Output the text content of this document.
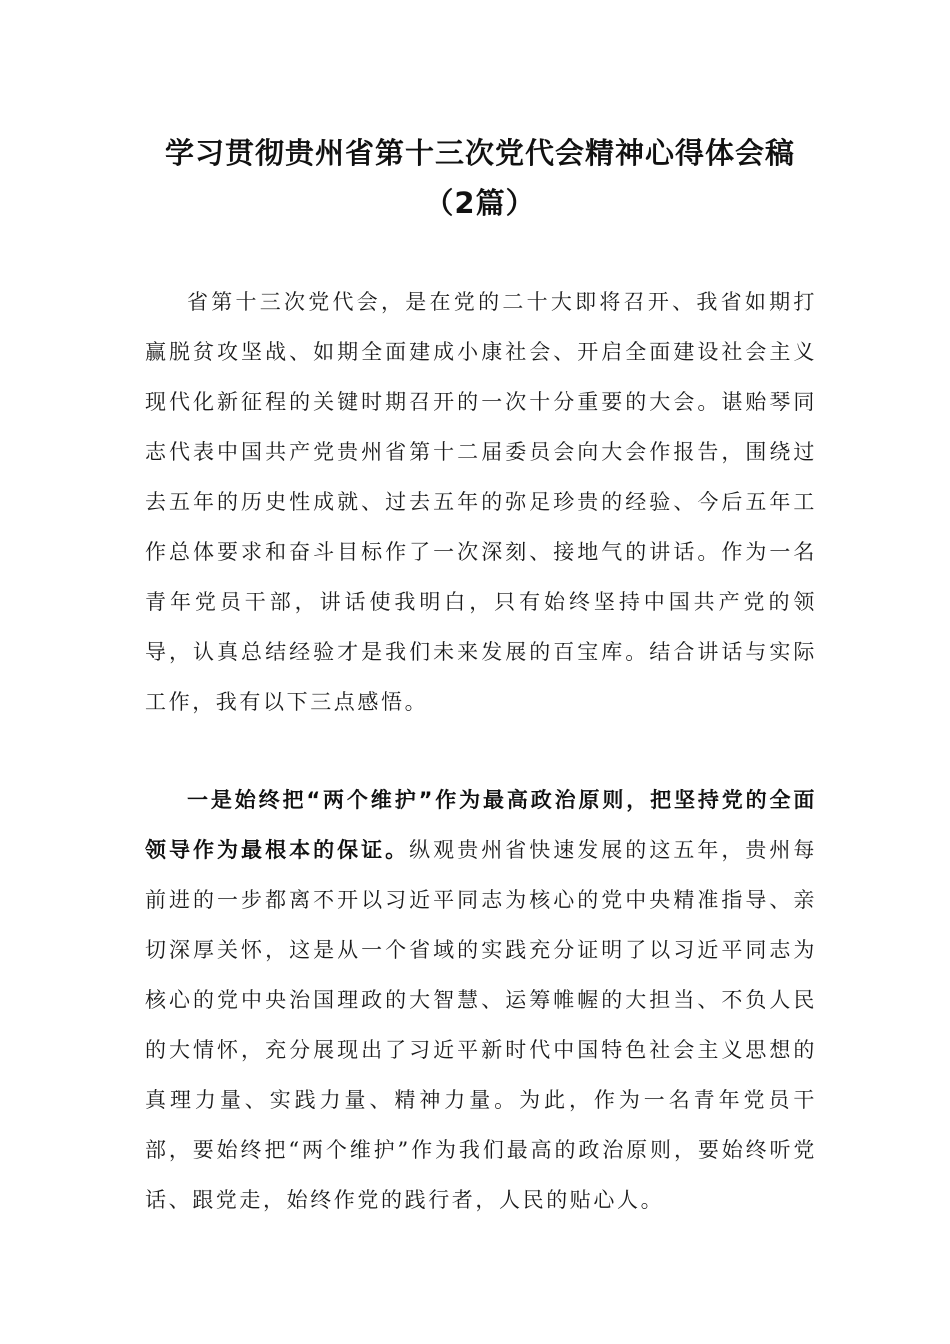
学习贯彻贵州省第十三次党代会精神心得体会稿（2篇）

省第十三次党代会，是在党的二十大即将召开、我省如期打赢脱贫攻坚战、如期全面建成小康社会、开启全面建设社会主义现代化新征程的关键时期召开的一次十分重要的大会。谌贻琴同志代表中国共产党贵州省第十二届委员会向大会作报告，围绕过去五年的历史性成就、过去五年的弥足珍贵的经验、今后五年工作总体要求和奋斗目标作了一次深刻、接地气的讲话。作为一名青年党员干部，讲话使我明白，只有始终坚持中国共产党的领导，认真总结经验才是我们未来发展的百宝库。结合讲话与实际工作，我有以下三点感悟。

一是始终把“两个维护”作为最高政治原则，把坚持党的全面领导作为最根本的保证。纵观贵州省快速发展的这五年，贵州每前进的一步都离不开以习近平同志为核心的党中央精准指导、亲切深厚关怀，这是从一个省域的实践充分证明了以习近平同志为核心的党中央治国理政的大智慧、运筹帷幄的大担当、不负人民的大情怀，充分展现出了习近平新时代中国特色社会主义思想的真理力量、实践力量、精神力量。为此，作为一名青年党员干部，要始终把“两个维护”作为我们最高的政治原则，要始终听党话、跟党走，始终作党的践行者，人民的贴心人。
